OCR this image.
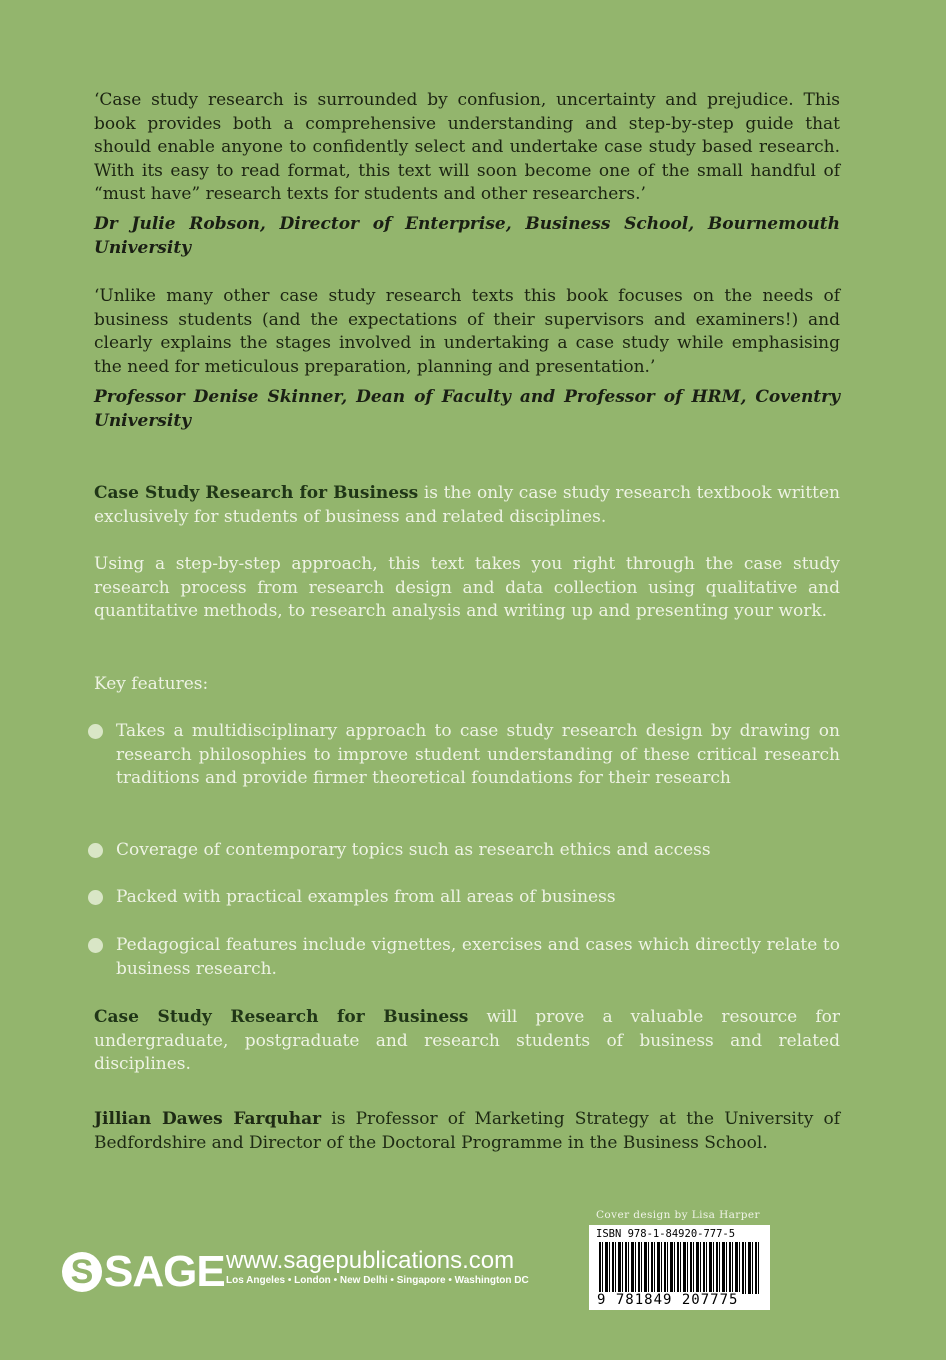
‘Case study research is surrounded by confusion, uncertainty and prejudice. This book provides both a comprehensive understanding and step-by-step guide that should enable anyone to confidently select and undertake case study based research. With its easy to read format, this text will soon become one of the small handful of “must have” research texts for students and other researchers.’

Dr Julie Robson, Director of Enterprise, Business School, Bournemouth University

‘Unlike many other case study research texts this book focuses on the needs of business students (and the expectations of their supervisors and examiners!) and clearly explains the stages involved in undertaking a case study while emphasising the need for meticulous preparation, planning and presentation.’

Professor Denise Skinner, Dean of Faculty and Professor of HRM, Coventry University

Case Study Research for Business is the only case study research textbook written exclusively for students of business and related disciplines.

Using a step-by-step approach, this text takes you right through the case study research process from research design and data collection using qualitative and quantitative methods, to research analysis and writing up and presenting your work.

Key features:

Takes a multidisciplinary approach to case study research design by drawing on research philosophies to improve student understanding of these critical research traditions and provide firmer theoretical foundations for their research

Coverage of contemporary topics such as research ethics and access

Packed with practical examples from all areas of business

Pedagogical features include vignettes, exercises and cases which directly relate to business research.

Case Study Research for Business will prove a valuable resource for undergraduate, postgraduate and research students of business and related disciplines.

Jillian Dawes Farquhar is Professor of Marketing Strategy at the University of Bedfordshire and Director of the Doctoral Programme in the Business School.

Cover design by Lisa Harper
ISBN 978-1-84920-777-5
9 781849 207775
S SAGE www.sagepublications.com
Los Angeles • London • New Delhi • Singapore • Washington DC
